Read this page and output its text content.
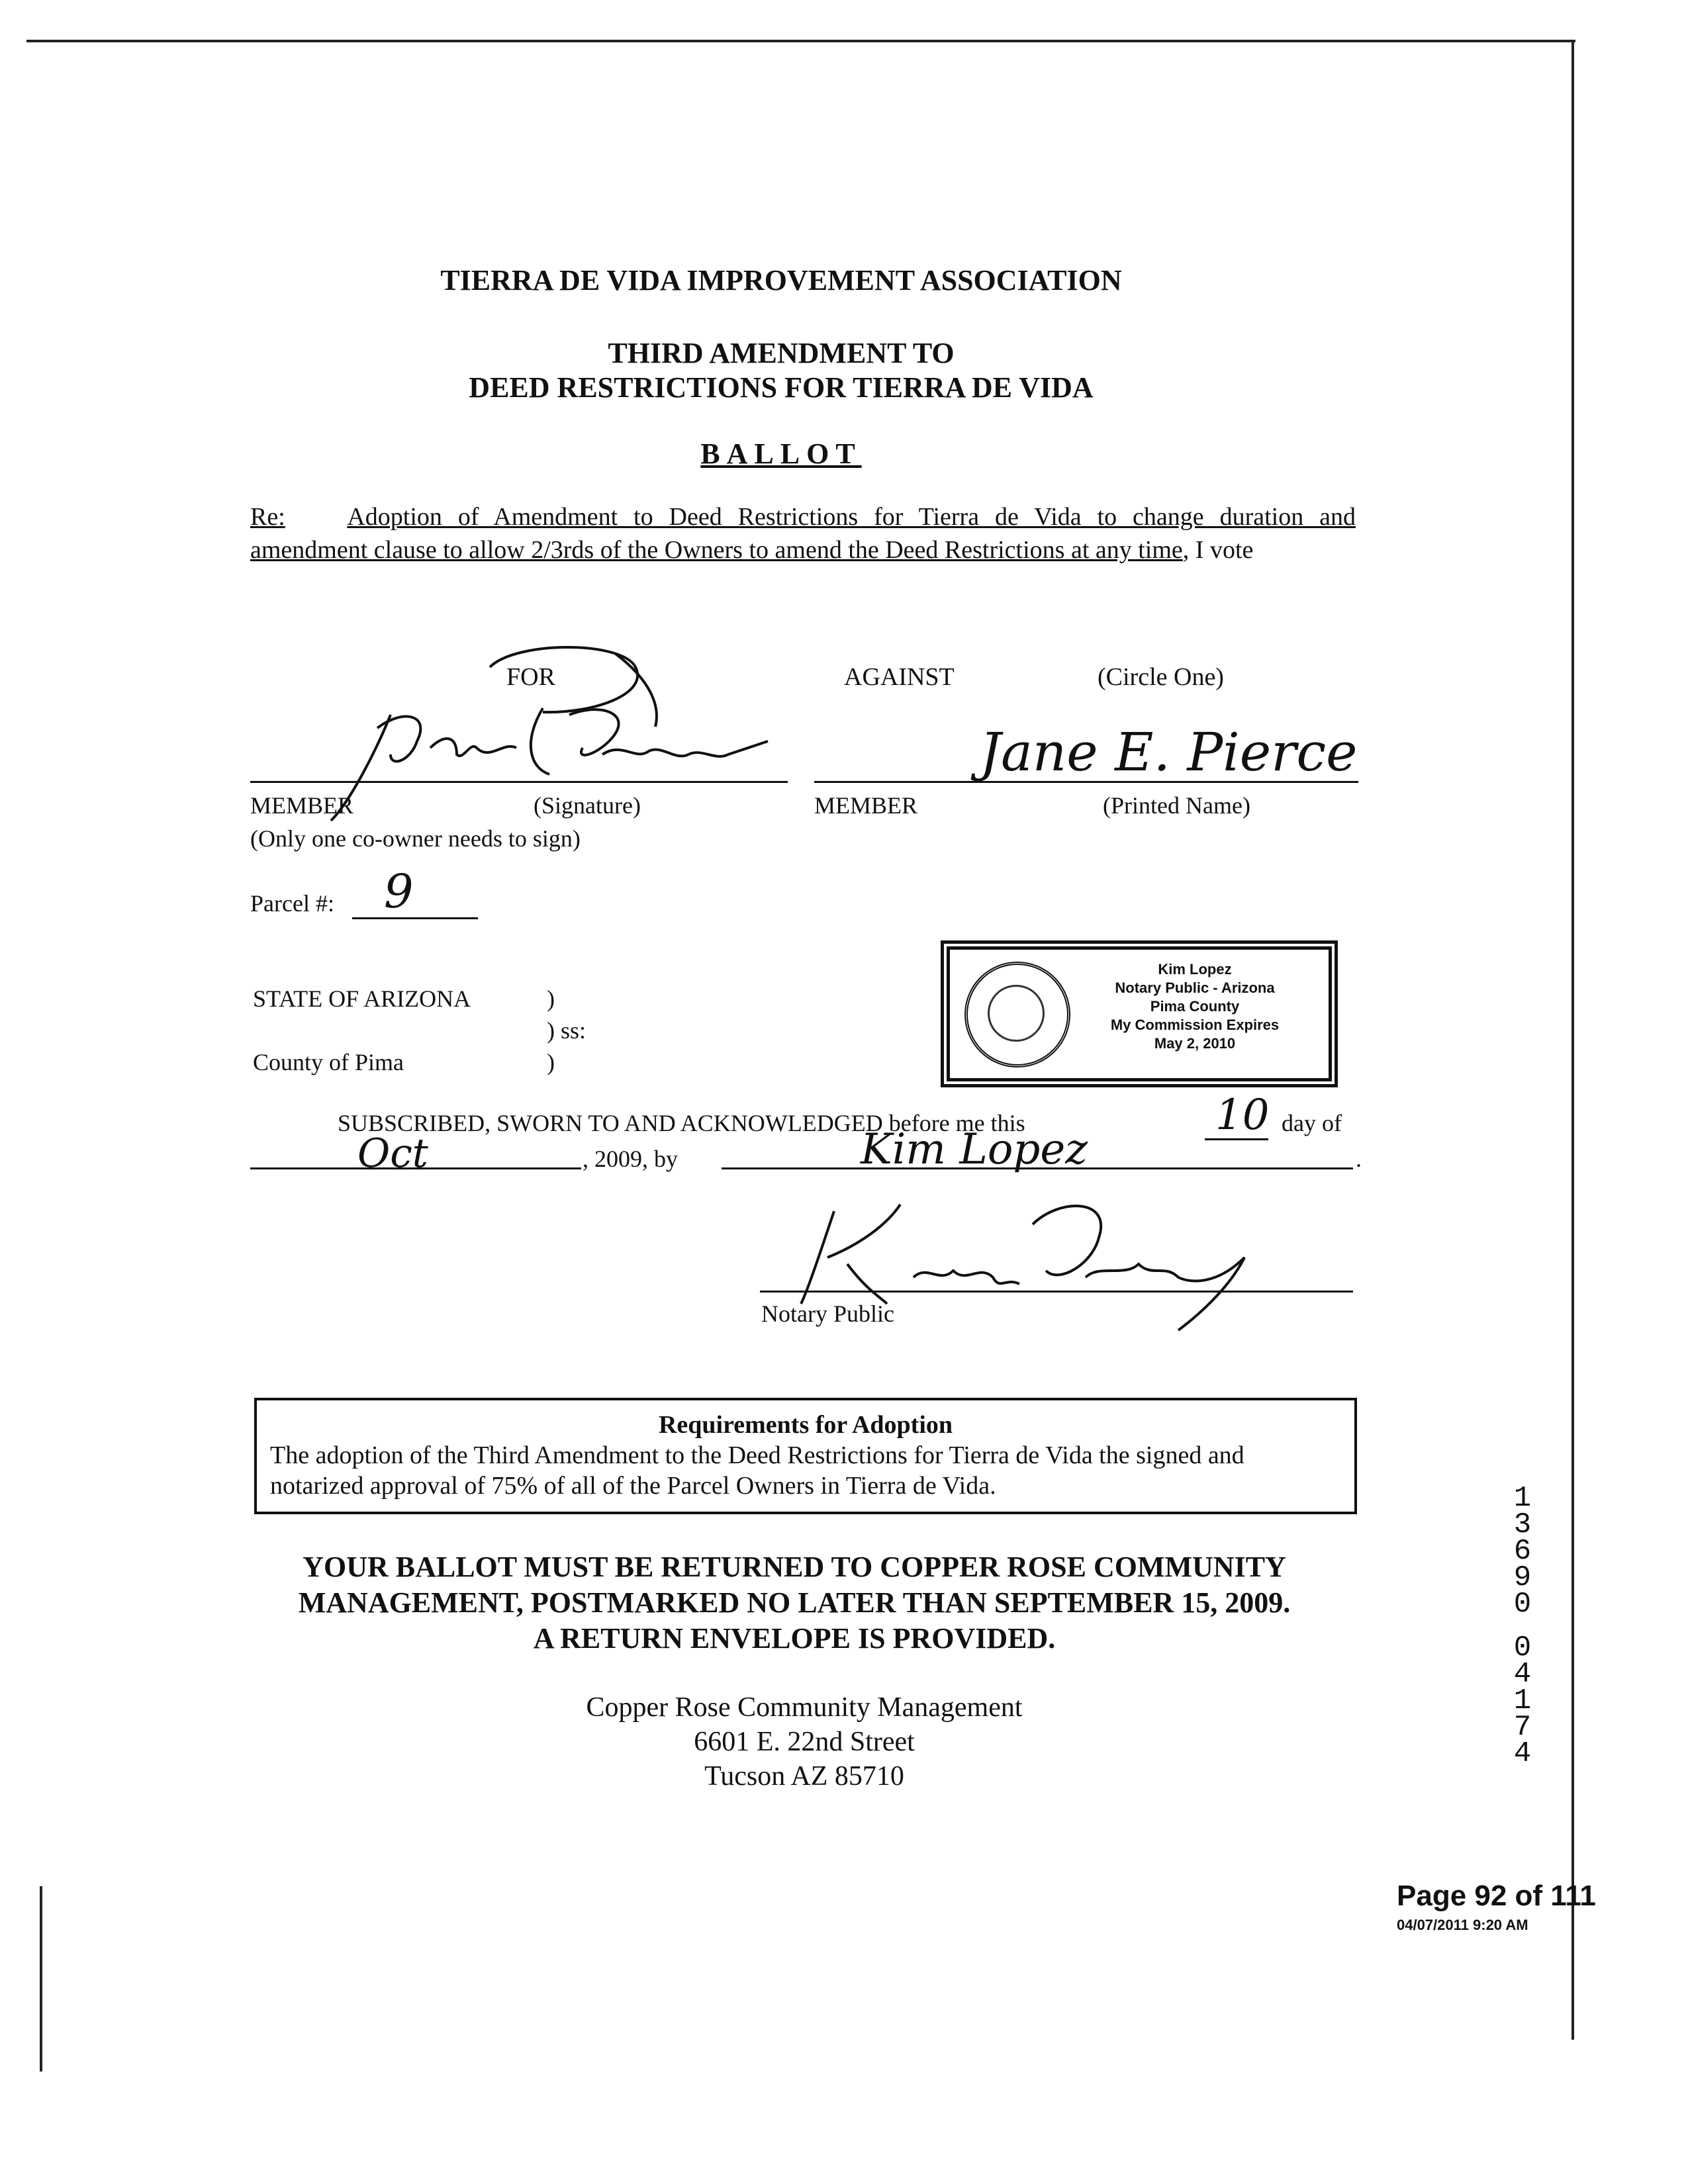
TIERRA DE VIDA IMPROVEMENT ASSOCIATION
THIRD AMENDMENT TO
DEED RESTRICTIONS FOR TIERRA DE VIDA
BALLOT
Re: Adoption of Amendment to Deed Restrictions for Tierra de Vida to change duration and
amendment clause to allow 2/3rds of the Owners to amend the Deed Restrictions at any time, I vote
FOR	AGAINST	(Circle One)
Jane E. Pierce
MEMBER	(Signature)	MEMBER	(Printed Name)
(Only one co-owner needs to sign)
Parcel #: 9
STATE OF ARIZONA	)
) ss:
County of Pima	)
Kim Lopez
Notary Public - Arizona
Pima County
My Commission Expires
May 2, 2010
SUBSCRIBED, SWORN TO AND ACKNOWLEDGED before me this	10 day of
Oct	, 2009, by	Kim Lopez	.
Notary Public
Requirements for Adoption
The adoption of the Third Amendment to the Deed Restrictions for Tierra de Vida the signed and notarized approval of 75% of all of the Parcel Owners in Tierra de Vida.
YOUR BALLOT MUST BE RETURNED TO COPPER ROSE COMMUNITY
MANAGEMENT, POSTMARKED NO LATER THAN SEPTEMBER 15, 2009.
A RETURN ENVELOPE IS PROVIDED.
Copper Rose Community Management
6601 E. 22nd Street
Tucson AZ 85710
1
3
6
9
0
0
4
1
7
4
Page 92 of 111
04/07/2011 9:20 AM
